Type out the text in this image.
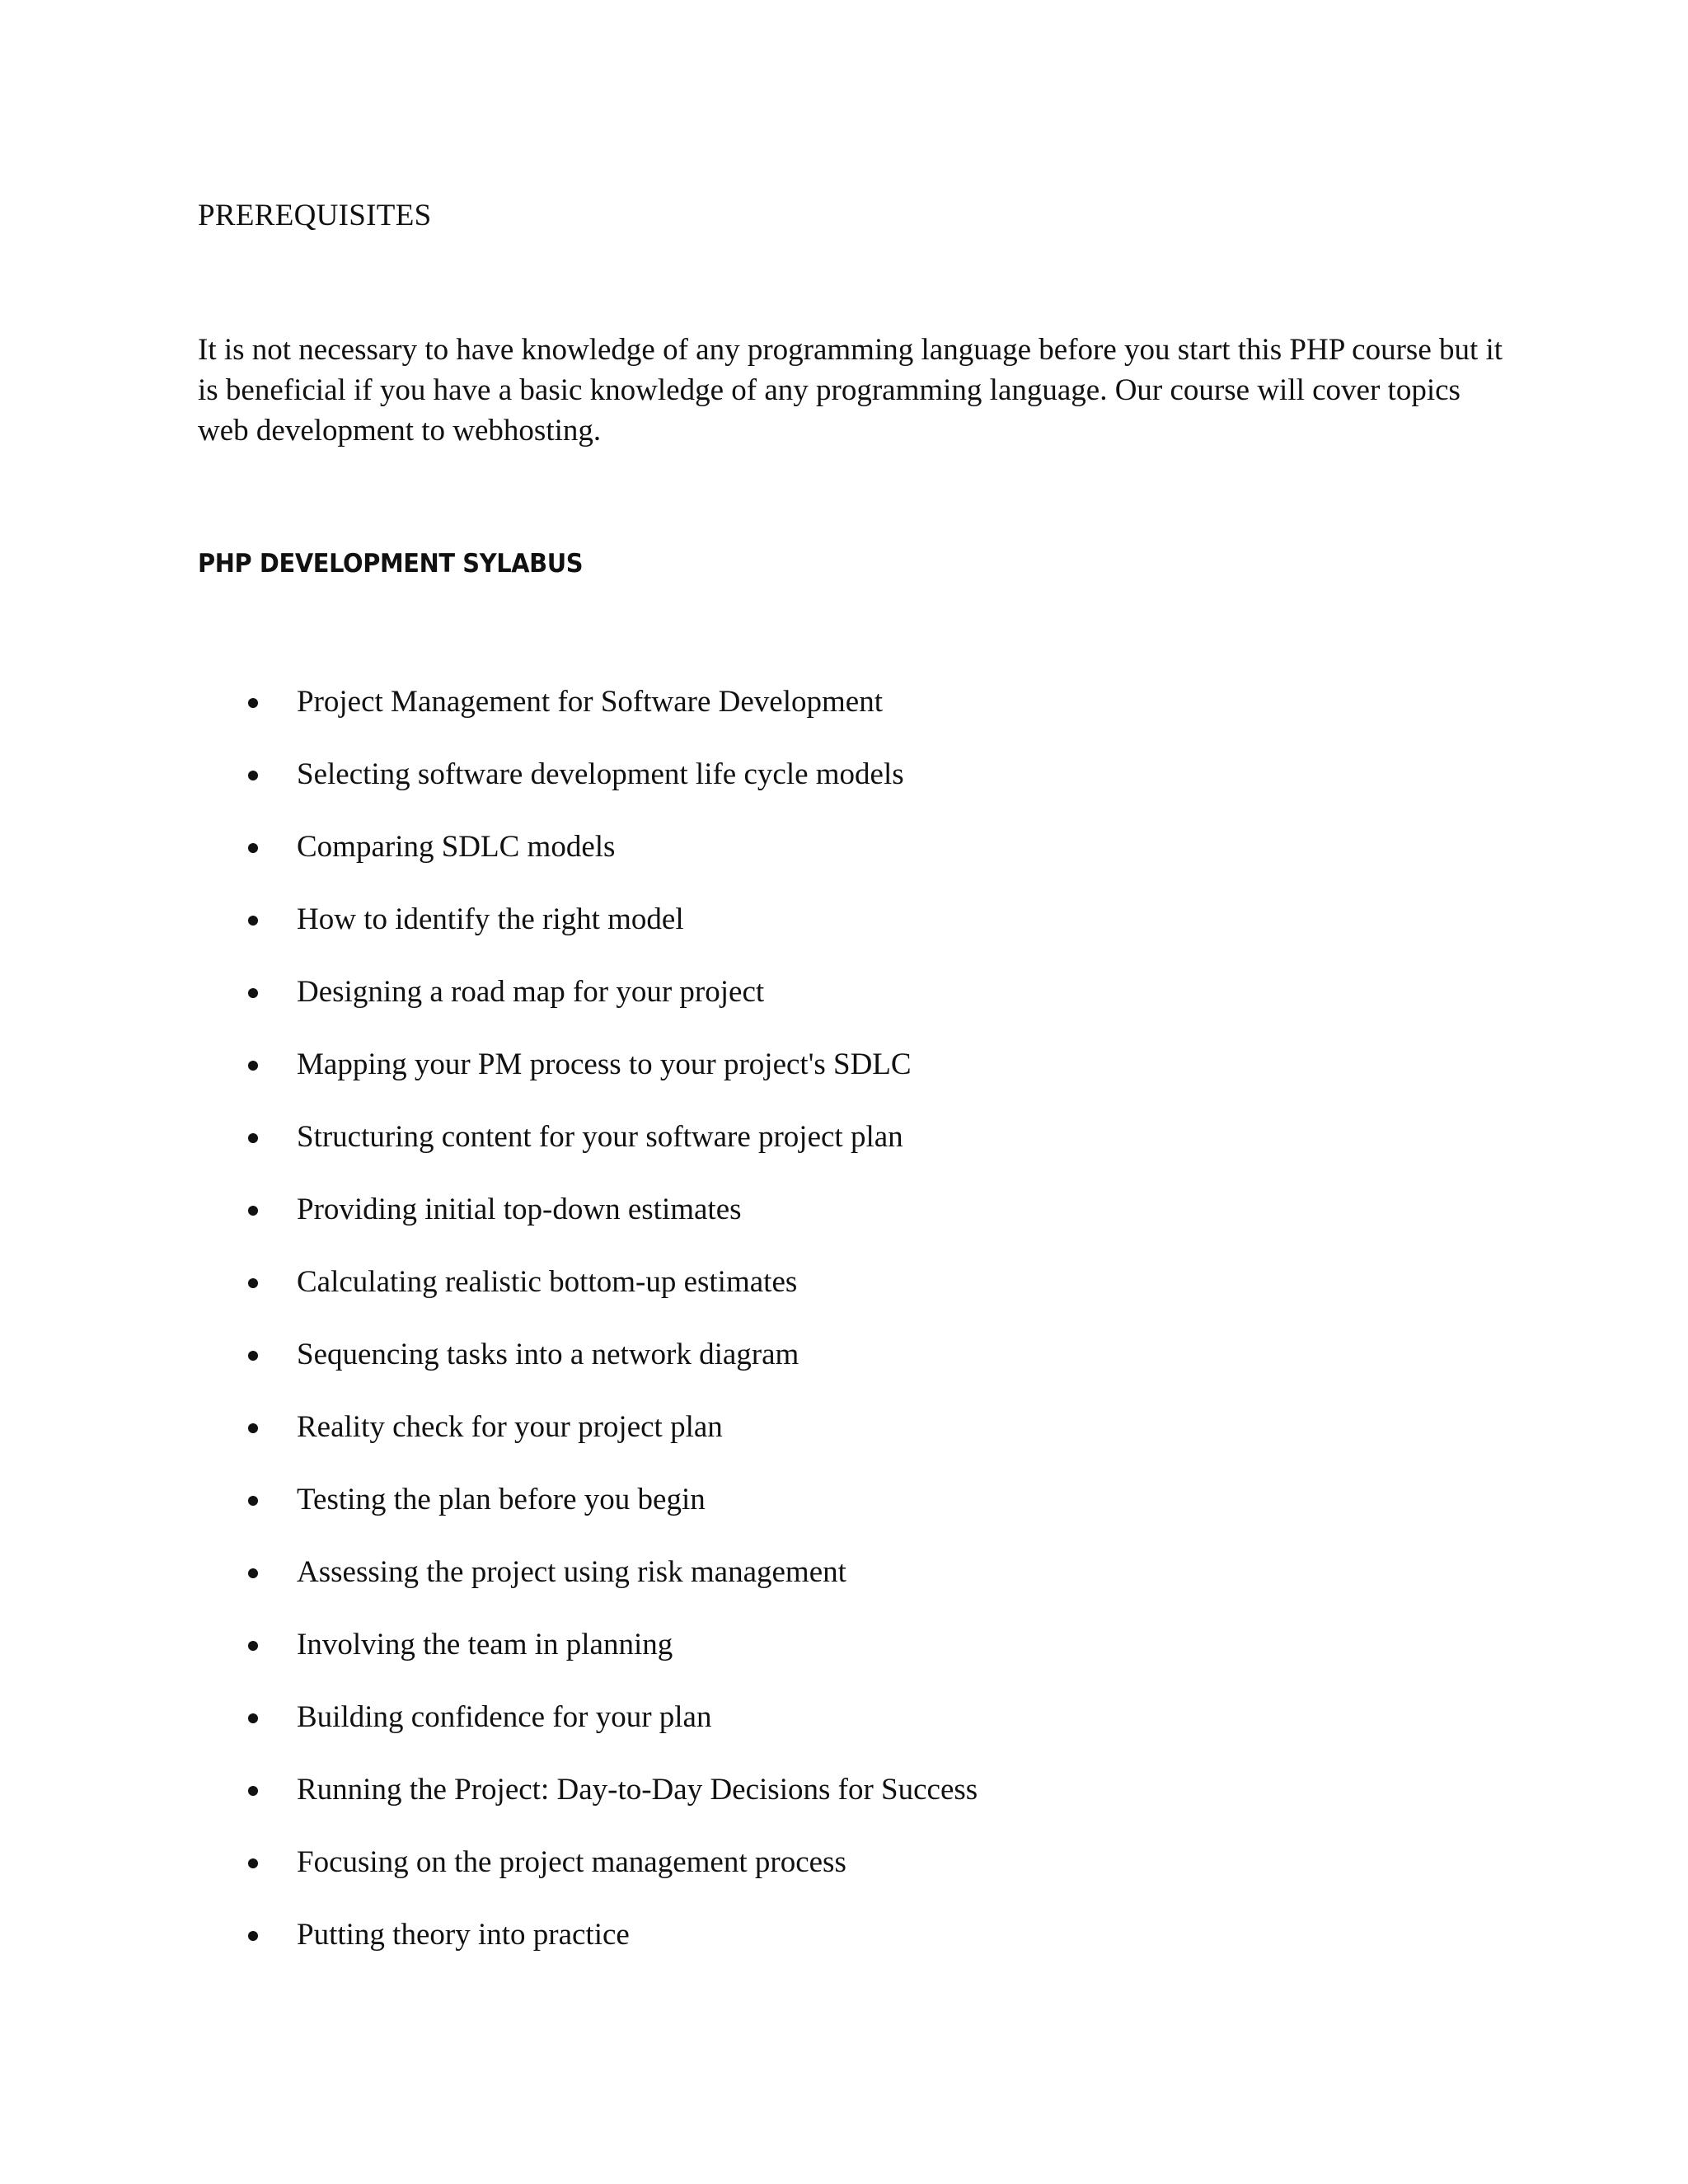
PREREQUISITES

It is not necessary to have knowledge of any programming language before you start this PHP course but it is beneficial if you have a basic knowledge of any programming language. Our course will cover topics web development to webhosting.

PHP DEVELOPMENT SYLABUS
Project Management for Software Development
Selecting software development life cycle models
Comparing SDLC models
How to identify the right model
Designing a road map for your project
Mapping your PM process to your project's SDLC
Structuring content for your software project plan
Providing initial top-down estimates
Calculating realistic bottom-up estimates
Sequencing tasks into a network diagram
Reality check for your project plan
Testing the plan before you begin
Assessing the project using risk management
Involving the team in planning
Building confidence for your plan
Running the Project: Day-to-Day Decisions for Success
Focusing on the project management process
Putting theory into practice
